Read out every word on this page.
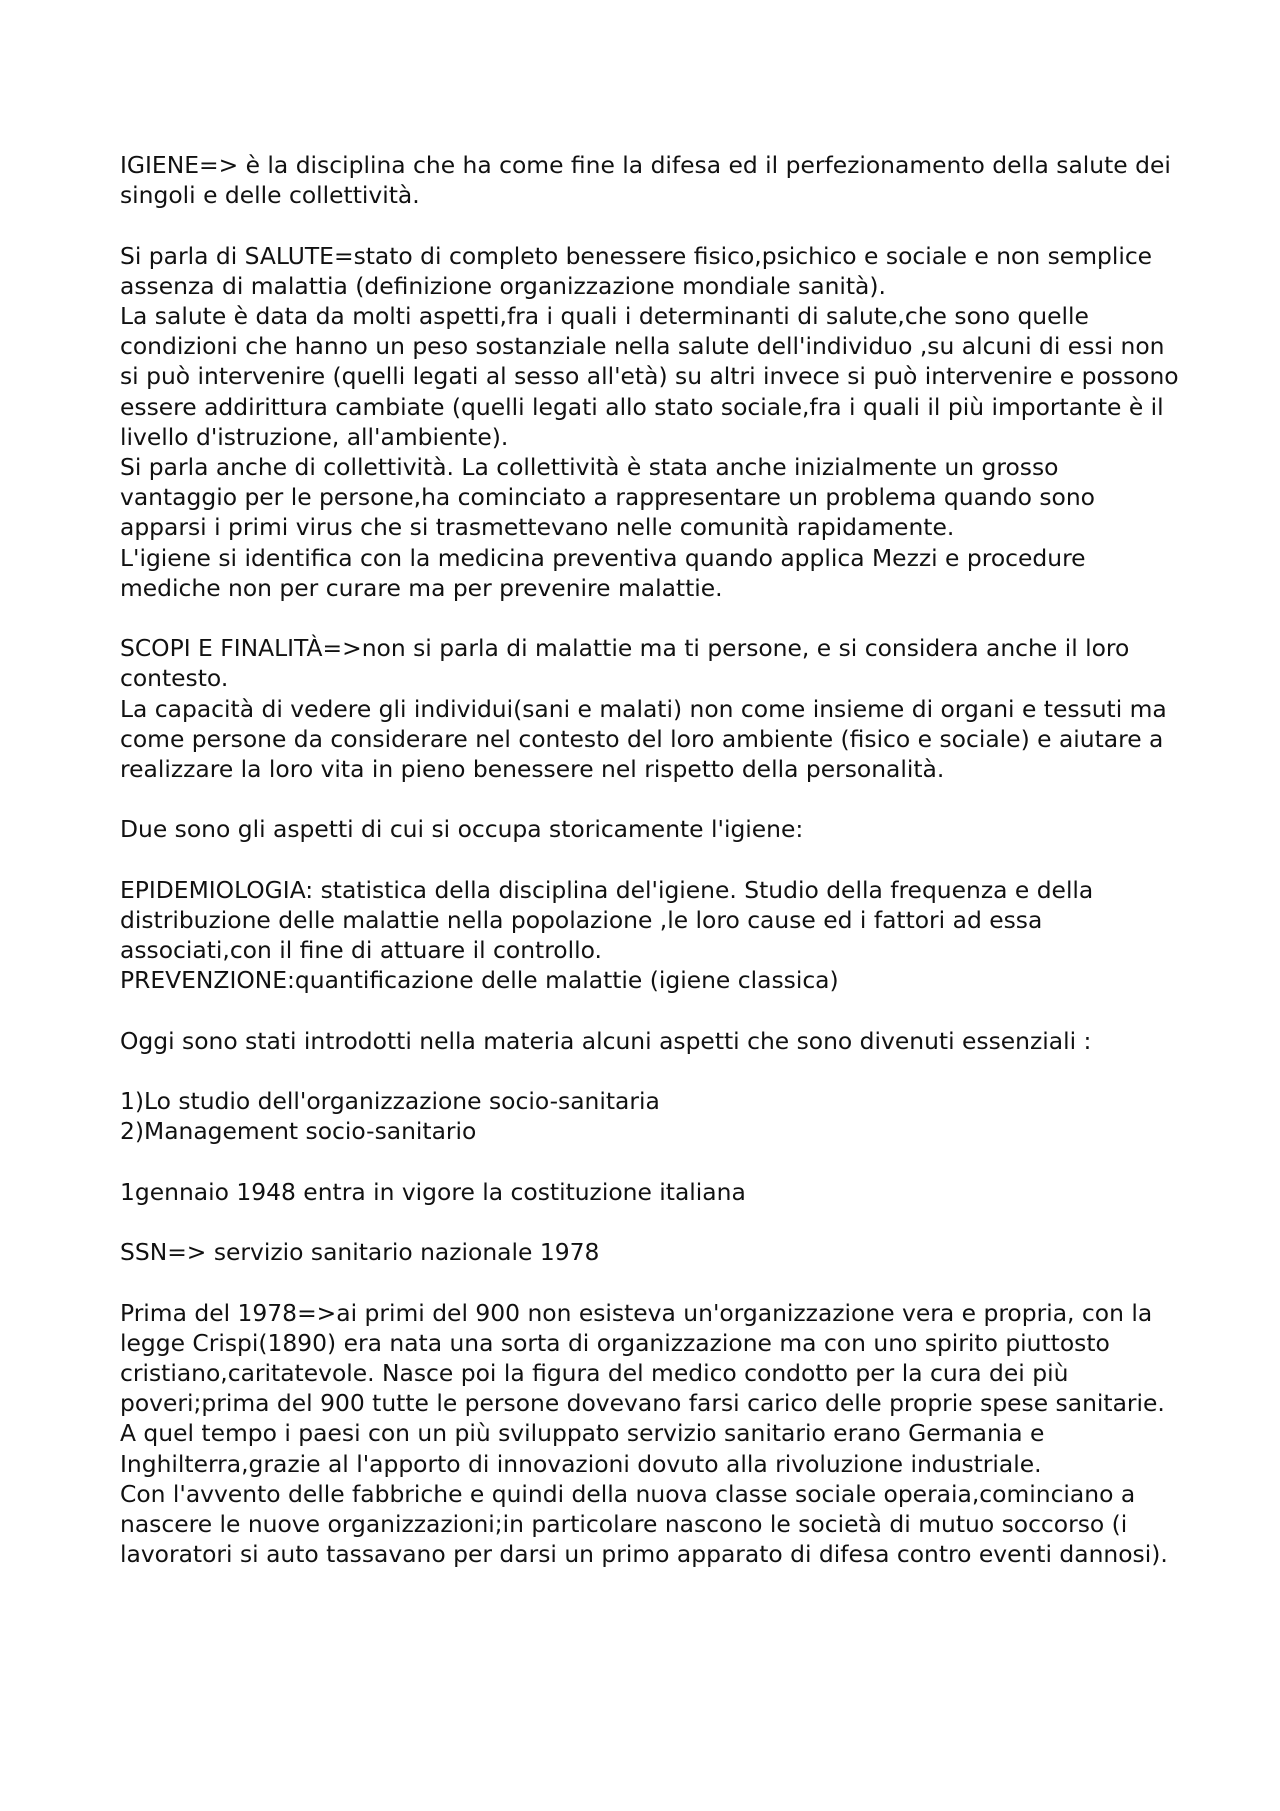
IGIENE=> è la disciplina che ha come fine la difesa ed il perfezionamento della salute dei singoli e delle collettività.

Si parla di SALUTE=stato di completo benessere fisico,psichico e sociale e non semplice assenza di malattia (definizione organizzazione mondiale sanità).

La salute è data da molti aspetti,fra i quali i determinanti di salute,che sono quelle condizioni che hanno un peso sostanziale nella salute dell'individuo ,su alcuni di essi non si può intervenire (quelli legati al sesso all'età) su altri invece si può intervenire e possono essere addirittura cambiate (quelli legati allo stato sociale,fra i quali il più importante è il livello d'istruzione, all'ambiente).

Si parla anche di collettività. La collettività è stata anche inizialmente un grosso vantaggio per le persone,ha cominciato a rappresentare un problema quando sono apparsi i primi virus che si trasmettevano nelle comunità rapidamente.

L'igiene si identifica con la medicina preventiva quando applica Mezzi e procedure mediche non per curare ma per prevenire malattie.

SCOPI E FINALITÀ=>non si parla di malattie ma ti persone, e si considera anche il loro contesto.

La capacità di vedere gli individui(sani e malati) non come insieme di organi e tessuti ma come persone da considerare nel contesto del loro ambiente (fisico e sociale) e aiutare a realizzare la loro vita in pieno benessere nel rispetto della personalità.

Due sono gli aspetti di cui si occupa storicamente l'igiene:

EPIDEMIOLOGIA: statistica della disciplina del'igiene. Studio della frequenza e della distribuzione delle malattie nella popolazione ,le loro cause ed i fattori ad essa associati,con il fine di attuare il controllo.

PREVENZIONE:quantificazione delle malattie (igiene classica)

Oggi sono stati introdotti nella materia alcuni aspetti che sono divenuti essenziali :

1)Lo studio dell'organizzazione socio-sanitaria

2)Management socio-sanitario

1gennaio 1948 entra in vigore la costituzione italiana

SSN=> servizio sanitario nazionale 1978

Prima del 1978=>ai primi del 900 non esisteva un'organizzazione vera e propria, con la legge Crispi(1890) era nata una sorta di organizzazione ma con uno spirito piuttosto cristiano,caritatevole. Nasce poi la figura del medico condotto per la cura dei più poveri;prima del 900 tutte le persone dovevano farsi carico delle proprie spese sanitarie.

A quel tempo i paesi con un più sviluppato servizio sanitario erano Germania e Inghilterra,grazie al l'apporto di innovazioni dovuto alla rivoluzione industriale.

Con l'avvento delle fabbriche e quindi della nuova classe sociale operaia,cominciano a nascere le nuove organizzazioni;in particolare nascono le società di mutuo soccorso (i lavoratori si auto tassavano per darsi un primo apparato di difesa contro eventi dannosi).
